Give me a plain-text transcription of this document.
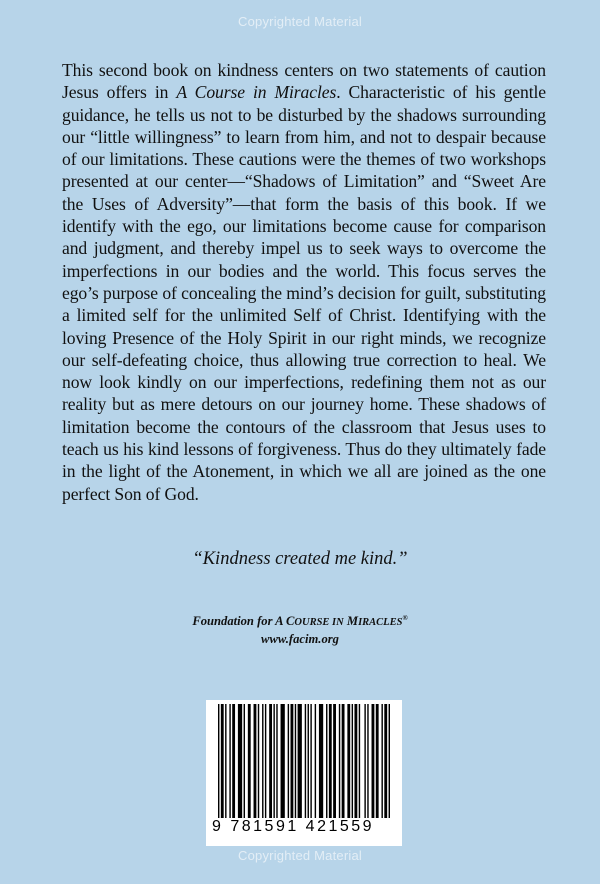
Copyrighted Material
This second book on kindness centers on two statements of caution Jesus offers in A Course in Miracles. Characteristic of his gentle guidance, he tells us not to be disturbed by the shadows surrounding our “little willingness” to learn from him, and not to despair because of our limitations. These cautions were the themes of two workshops presented at our center—“Shadows of Limitation” and “Sweet Are the Uses of Adversity”—that form the basis of this book. If we identify with the ego, our limitations become cause for comparison and judgment, and thereby impel us to seek ways to overcome the imperfections in our bodies and the world. This focus serves the ego’s purpose of concealing the mind’s decision for guilt, substituting a limited self for the unlimited Self of Christ. Identifying with the loving Presence of the Holy Spirit in our right minds, we recognize our self-defeating choice, thus allowing true correction to heal. We now look kindly on our imperfections, redefining them not as our reality but as mere detours on our journey home. These shadows of limitation become the contours of the classroom that Jesus uses to teach us his kind lessons of forgiveness. Thus do they ultimately fade in the light of the Atonement, in which we all are joined as the one perfect Son of God.
“Kindness created me kind.”
Foundation for A COURSE IN MIRACLES®
www.facim.org
9 781591 421559
Copyrighted Material
